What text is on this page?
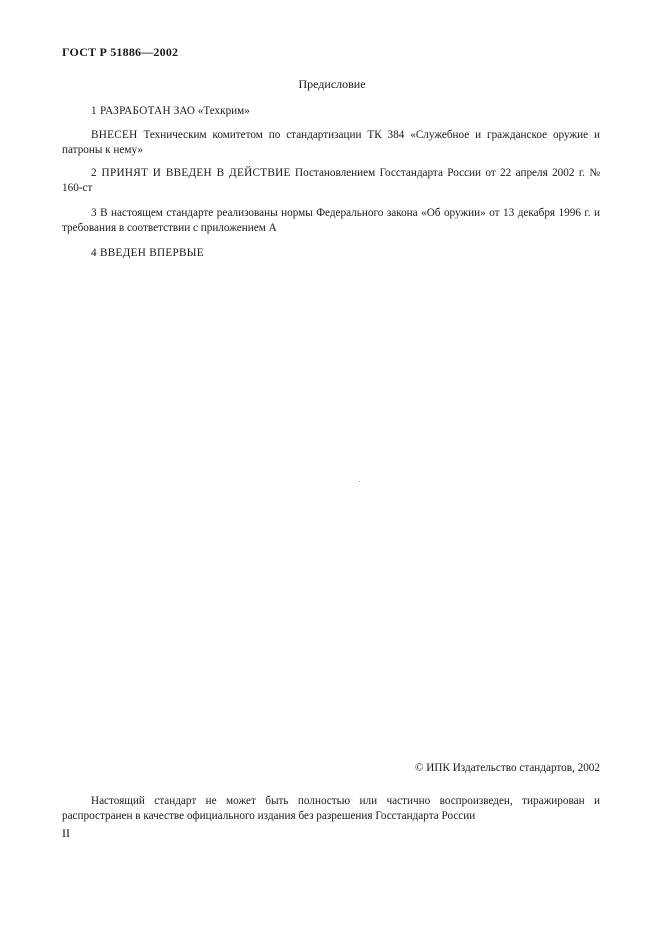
ГОСТ Р 51886—2002
Предисловие
1 РАЗРАБОТАН ЗАО «Техкрим»
ВНЕСЕН Техническим комитетом по стандартизации ТК 384 «Служебное и гражданское оружие и патроны к нему»
2 ПРИНЯТ И ВВЕДЕН В ДЕЙСТВИЕ Постановлением Госстандарта России от 22 апреля 2002 г. № 160-ст
3 В настоящем стандарте реализованы нормы Федерального закона «Об оружии» от 13 декабря 1996 г. и требования в соответствии с приложением А
4 ВВЕДЕН ВПЕРВЫЕ
© ИПК Издательство стандартов, 2002
Настоящий стандарт не может быть полностью или частично воспроизведен, тиражирован и распространен в качестве официального издания без разрешения Госстандарта России
II
